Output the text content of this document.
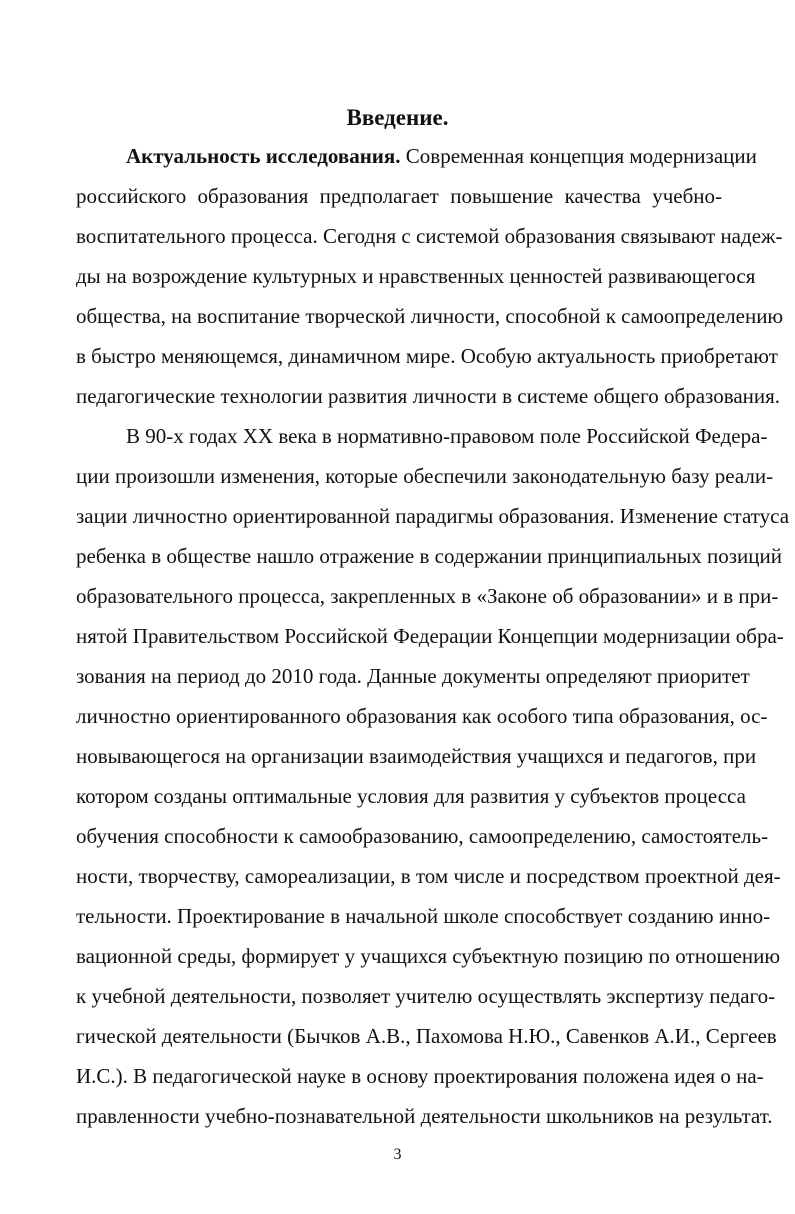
Введение.
Актуальность исследования. Современная концепция модернизации
российского образования предполагает повышение качества учебно-
воспитательного процесса. Сегодня с системой образования связывают надеж-
ды на возрождение культурных и нравственных ценностей развивающегося
общества, на воспитание творческой личности, способной к самоопределению
в быстро меняющемся, динамичном мире. Особую актуальность приобретают
педагогические технологии развития личности в системе общего образования.
В 90-х годах XX века в нормативно-правовом поле Российской Федера-
ции произошли изменения, которые обеспечили законодательную базу реали-
зации личностно ориентированной парадигмы образования. Изменение статуса
ребенка в обществе нашло отражение в содержании принципиальных позиций
образовательного процесса, закрепленных в «Законе об образовании» и в при-
нятой Правительством Российской Федерации Концепции модернизации обра-
зования на период до 2010 года. Данные документы определяют приоритет
личностно ориентированного образования как особого типа образования, ос-
новывающегося на организации взаимодействия учащихся и педагогов, при
котором созданы оптимальные условия для развития у субъектов процесса
обучения способности к самообразованию, самоопределению, самостоятель-
ности, творчеству, самореализации, в том числе и посредством проектной дея-
тельности. Проектирование в начальной школе способствует созданию инно-
вационной среды, формирует у учащихся субъектную позицию по отношению
к учебной деятельности, позволяет учителю осуществлять экспертизу педаго-
гической деятельности (Бычков А.В., Пахомова Н.Ю., Савенков А.И., Сергеев
И.С.). В педагогической науке в основу проектирования положена идея о на-
правленности учебно-познавательной деятельности школьников на результат.
3
